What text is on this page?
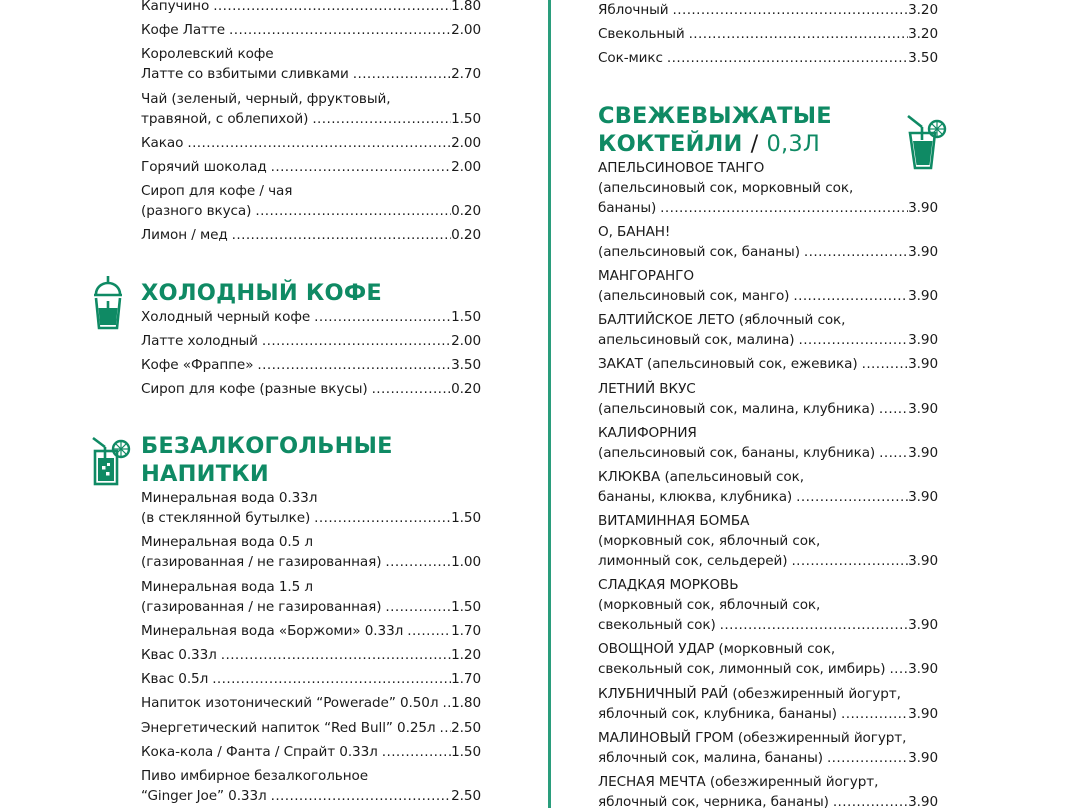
Капучино .....	1.80
Кофе Латте .....	2.00
Королевский кофе
Латте со взбитыми сливками .....	2.70
Чай (зеленый, черный, фруктовый,
травяной, с облепихой) .....	1.50
Какао .....	2.00
Горячий шоколад .....	2.00
Сироп для кофе / чая
(разного вкуса) .....	0.20
Лимон / мед .....	0.20
ХОЛОДНЫЙ КОФЕ
Холодный черный кофе .....	1.50
Латте холодный .....	2.00
Кофе «Фраппе» .....	3.50
Сироп для кофе (разные вкусы) .....	0.20
БЕЗАЛКОГОЛЬНЫЕ
НАПИТКИ
Минеральная вода 0.33л
(в стеклянной бутылке) .....	1.50
Минеральная вода 0.5 л
(газированная / не газированная) .....	1.00
Минеральная вода 1.5 л
(газированная / не газированная) .....	1.50
Минеральная вода «Боржоми» 0.33л .....	1.70
Квас 0.33л .....	1.20
Квас 0.5л .....	1.70
Напиток изотонический “Powerade” 0.50л ..... 1.80
Энергетический напиток “Red Bull” 0.25л ..... 2.50
Кока-кола / Фанта / Спрайт 0.33л .....	1.50
Пиво имбирное безалкогольное
“Ginger Joe” 0.33л .....	2.50
Яблочный .....	3.20
Свекольный .....	3.20
Сок-микс .....	3.50
СВЕЖЕВЫЖАТЫЕ
КОКТЕЙЛИ / 0,3Л
АПЕЛЬСИНОВОЕ ТАНГО
(апельсиновый сок, морковный сок,
бананы) .....	3.90
О, БАНАН!
(апельсиновый сок, бананы) .....	3.90
МАНГОРАНГО
(апельсиновый сок, манго) .....	3.90
БАЛТИЙСКОЕ ЛЕТО (яблочный сок,
апельсиновый сок, малина) .....	3.90
ЗАКАТ (апельсиновый сок, ежевика) .....	3.90
ЛЕТНИЙ ВКУС
(апельсиновый сок, малина, клубника) ..... 3.90
КАЛИФОРНИЯ
(апельсиновый сок, бананы, клубника) ..... 3.90
КЛЮКВА (апельсиновый сок,
бананы, клюква, клубника) .....	3.90
ВИТАМИННАЯ БОМБА
(морковный сок, яблочный сок,
лимонный сок, сельдерей) .....	3.90
СЛАДКАЯ МОРКОВЬ
(морковный сок, яблочный сок,
свекольный сок) .....	3.90
ОВОЩНОЙ УДАР (морковный сок,
свекольный сок, лимонный сок, имбирь) ..... 3.90
КЛУБНИЧНЫЙ РАЙ (обезжиренный йогурт,
яблочный сок, клубника, бананы) .....	3.90
МАЛИНОВЫЙ ГРОМ (обезжиренный йогурт,
яблочный сок, малина, бананы) .....	3.90
ЛЕСНАЯ МЕЧТА (обезжиренный йогурт,
яблочный сок, черника, бананы) .....	3.90
